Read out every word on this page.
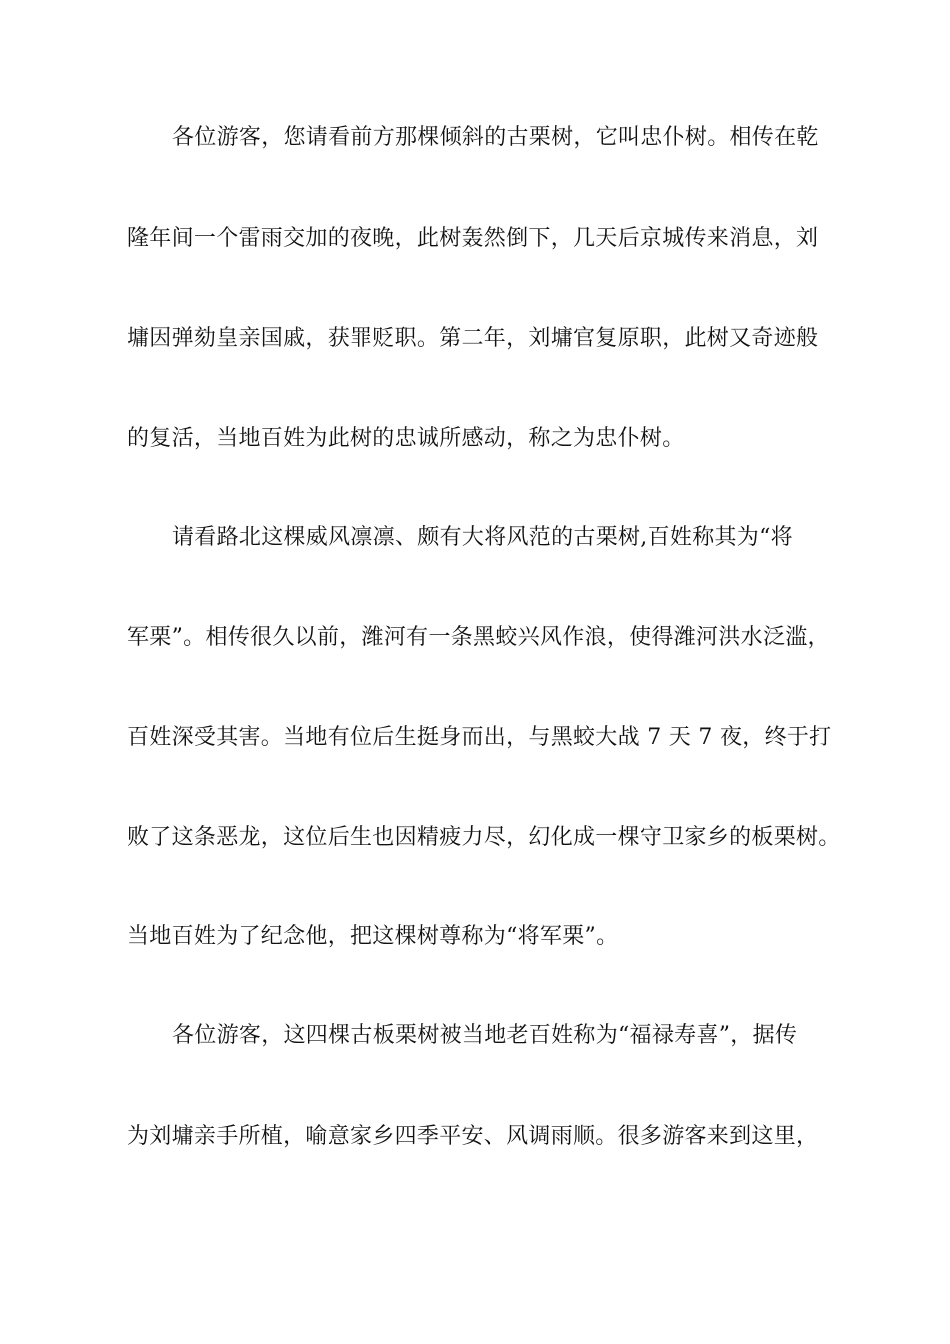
各位游客，您请看前方那棵倾斜的古栗树，它叫忠仆树。相传在乾
隆年间一个雷雨交加的夜晚，此树轰然倒下，几天后京城传来消息，刘
墉因弹劾皇亲国戚，获罪贬职。第二年，刘墉官复原职，此树又奇迹般
的复活，当地百姓为此树的忠诚所感动，称之为忠仆树。
请看路北这棵威风凛凛、颇有大将风范的古栗树,百姓称其为“将
军栗”。相传很久以前，潍河有一条黑蛟兴风作浪，使得潍河洪水泛滥，
百姓深受其害。当地有位后生挺身而出，与黑蛟大战 7 天 7 夜，终于打
败了这条恶龙，这位后生也因精疲力尽，幻化成一棵守卫家乡的板栗树。
当地百姓为了纪念他，把这棵树尊称为“将军栗”。
各位游客，这四棵古板栗树被当地老百姓称为“福禄寿喜”，据传
为刘墉亲手所植，喻意家乡四季平安、风调雨顺。很多游客来到这里，
